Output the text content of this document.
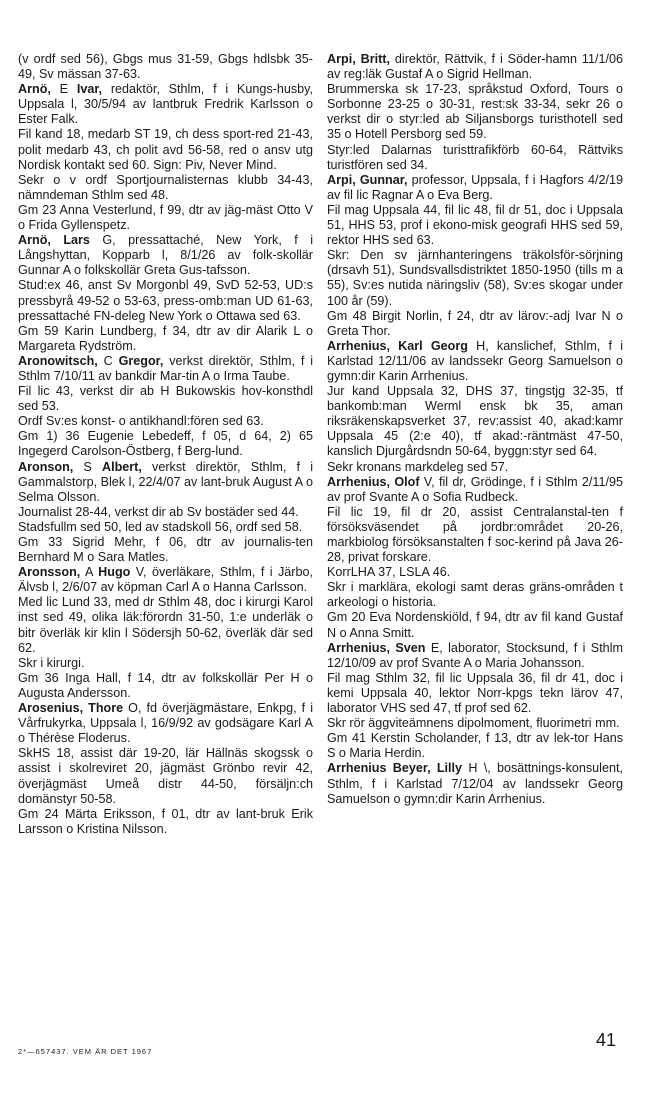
(v ordf sed 56), Gbgs mus 31-59, Gbgs hdlsbk 35-49, Sv mässan 37-63.

Arnö, E Ivar, redaktör, Sthlm, f i Kungs-husby, Uppsala l, 30/5/94 av lantbruk Fredrik Karlsson o Ester Falk.

Fil kand 18, medarb ST 19, ch dess sport-red 21-43, polit medarb 43, ch polit avd 56-58, red o ansv utg Nordisk kontakt sed 60. Sign: Piv, Never Mind.

Sekr o v ordf Sportjournalisternas klubb 34-43, nämndeman Sthlm sed 48.

Gm 23 Anna Vesterlund, f 99, dtr av jäg-mäst Otto V o Frida Gyllenspetz.

Arnö, Lars G, pressattaché, New York, f i Långshyttan, Kopparb l, 8/1/26 av folk-skollär Gunnar A o folkskollär Greta Gus-tafsson.

Stud:ex 46, anst Sv Morgonbl 49, SvD 52-53, UD:s pressbyrå 49-52 o 53-63, press-omb:man UD 61-63, pressattaché FN-deleg New York o Ottawa sed 63.

Gm 59 Karin Lundberg, f 34, dtr av dir Alarik L o Margareta Rydström.

Aronowitsch, C Gregor, verkst direktör, Sthlm, f i Sthlm 7/10/11 av bankdir Mar-tin A o Irma Taube.

Fil lic 43, verkst dir ab H Bukowskis hov-konsthdl sed 53.

Ordf Sv:es konst- o antikhandl:fören sed 63.

Gm 1) 36 Eugenie Lebedeff, f 05, d 64, 2) 65 Ingegerd Carolson-Östberg, f Berg-lund.

Aronson, S Albert, verkst direktör, Sthlm, f i Gammalstorp, Blek l, 22/4/07 av lant-bruk August A o Selma Olsson.

Journalist 28-44, verkst dir ab Sv bostäder sed 44.

Stadsfullm sed 50, led av stadskoll 56, ordf sed 58.

Gm 33 Sigrid Mehr, f 06, dtr av journalis-ten Bernhard M o Sara Matles.

Aronsson, A Hugo V, överläkare, Sthlm, f i Järbo, Älvsb l, 2/6/07 av köpman Carl A o Hanna Carlsson.

Med lic Lund 33, med dr Sthlm 48, doc i kirurgi Karol inst sed 49, olika läk:förordn 31-50, 1:e underläk o bitr överläk kir klin l Södersjh 50-62, överläk där sed 62.

Skr i kirurgi.

Gm 36 Inga Hall, f 14, dtr av folkskollär Per H o Augusta Andersson.

Arosenius, Thore O, fd överjägmästare, Enkpg, f i Vårfrukyrka, Uppsala l, 16/9/92 av godsägare Karl A o Thérèse Floderus.

SkHS 18, assist där 19-20, lär Hällnäs skogssk o assist i skolreviret 20, jägmäst Grönbo revir 42, överjägmäst Umeå distr 44-50, försäljn:ch domänstyr 50-58.

Gm 24 Märta Eriksson, f 01, dtr av lant-bruk Erik Larsson o Kristina Nilsson.

Arpi, Britt, direktör, Rättvik, f i Söder-hamn 11/1/06 av reg:läk Gustaf A o Sigrid Hellman.

Brummerska sk 17-23, språkstud Oxford, Tours o Sorbonne 23-25 o 30-31, rest:sk 33-34, sekr 26 o verkst dir o styr:led ab Siljansborgs turisthotell sed 35 o Hotell Persborg sed 59.

Styr:led Dalarnas turisttrafikförb 60-64, Rättviks turistfören sed 34.

Arpi, Gunnar, professor, Uppsala, f i Hagfors 4/2/19 av fil lic Ragnar A o Eva Berg.

Fil mag Uppsala 44, fil lic 48, fil dr 51, doc i Uppsala 51, HHS 53, prof i ekono-misk geografi HHS sed 59, rektor HHS sed 63.

Skr: Den sv järnhanteringens träkolsför-sörjning (drsavh 51), Sundsvallsdistriktet 1850-1950 (tills m a 55), Sv:es nutida näringsliv (58), Sv:es skogar under 100 år (59).

Gm 48 Birgit Norlin, f 24, dtr av lärov:-adj Ivar N o Greta Thor.

Arrhenius, Karl Georg H, kanslichef, Sthlm, f i Karlstad 12/11/06 av landssekr Georg Samuelson o gymn:dir Karin Arrhenius.

Jur kand Uppsala 32, DHS 37, tingstjg 32-35, tf bankomb:man Werml ensk bk 35, aman riksräkenskapsverket 37, rev:assist 40, akad:kamr Uppsala 45 (2:e 40), tf akad:-räntmäst 47-50, kanslich Djurgårdsndn 50-64, byggn:styr sed 64.

Sekr kronans markdeleg sed 57.

Arrhenius, Olof V, fil dr, Grödinge, f i Sthlm 2/11/95 av prof Svante A o Sofia Rudbeck.

Fil lic 19, fil dr 20, assist Centralanstal-ten f försöksväsendet på jordbr:området 20-26, markbiolog försöksanstalten f soc-kerind på Java 26-28, privat forskare.

KorrLHA 37, LSLA 46.

Skr i marklära, ekologi samt deras gräns-områden t arkeologi o historia.

Gm 20 Eva Nordenskiöld, f 94, dtr av fil kand Gustaf N o Anna Smitt.

Arrhenius, Sven E, laborator, Stocksund, f i Sthlm 12/10/09 av prof Svante A o Maria Johansson.

Fil mag Sthlm 32, fil lic Uppsala 36, fil dr 41, doc i kemi Uppsala 40, lektor Norr-kpgs tekn lärov 47, laborator VHS sed 47, tf prof sed 62.

Skr rör äggviteämnens dipolmoment, fluorimetri mm.

Gm 41 Kerstin Scholander, f 13, dtr av lek-tor Hans S o Maria Herdin.

Arrhenius Beyer, Lilly H \, bosättnings-konsulent, Sthlm, f i Karlstad 7/12/04 av landssekr Georg Samuelson o gymn:dir Karin Arrhenius.

2*—657437. VEM ÄR DET 1967
41
